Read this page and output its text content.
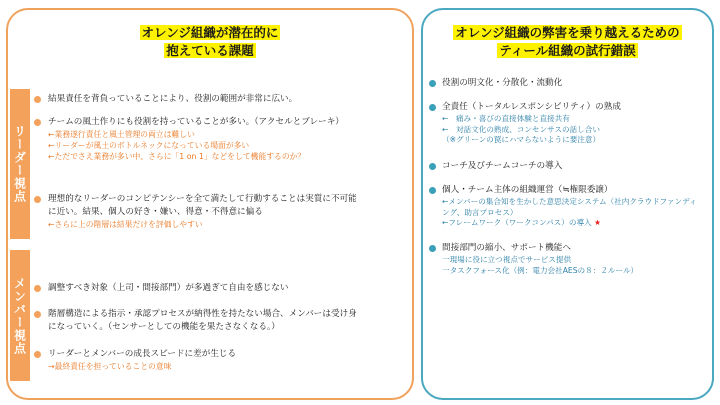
オレンジ組織が潜在的に
抱えている課題
オレンジ組織の弊害を乗り越えるための
ティール組織の試行錯誤
リーダー視点
メンバー視点
結果責任を背負っていることにより、役割の範囲が非常に広い。
チームの風土作りにも役割を持っていることが多い。（アクセルとブレーキ）
←業務遂行責任と風土管理の両立は難しい
←リーダーが風土のボトルネックになっている場面が多い
←ただでさえ業務が多い中、さらに「1 on 1」などをして機能するのか？
理想的なリーダーのコンピテンシーを全て満たして行動することは実質に不可能に近い。結果、個人の好き・嫌い、得意・不得意に偏る
←さらに上の階層は結果だけを評価しやすい
調整すべき対象（上司・間接部門）が多過ぎて自由を感じない
階層構造による指示・承認プロセスが納得性を持たない場合、メンバーは受け身になっていく。（センサーとしての機能を果たさなくなる。）
リーダーとメンバーの成長スピードに差が生じる
→最終責任を担っていることの意味
役割の明文化・分散化・流動化
全責任（トータルレスポンシビリティ）の熟成
←　痛み・喜びの直接体験と直接共有
←　対話文化の熟成、コンセンサスの話し合い
（※グリーンの罠にハマらないように要注意）
コーチ及びチームコーチの導入
個人・チーム主体の組織運営（≒権限委譲）
←メンバーの集合知を生かした意思決定システム（社内クラウドファンディング、助言プロセス）
←フレームワーク（ワークコンパス）の導入 ★
間接部門の縮小、サポート機能へ
一現場に役に立つ視点でサービス提供
一タスクフォース化（例：電力会社AESの８：２ルール）
